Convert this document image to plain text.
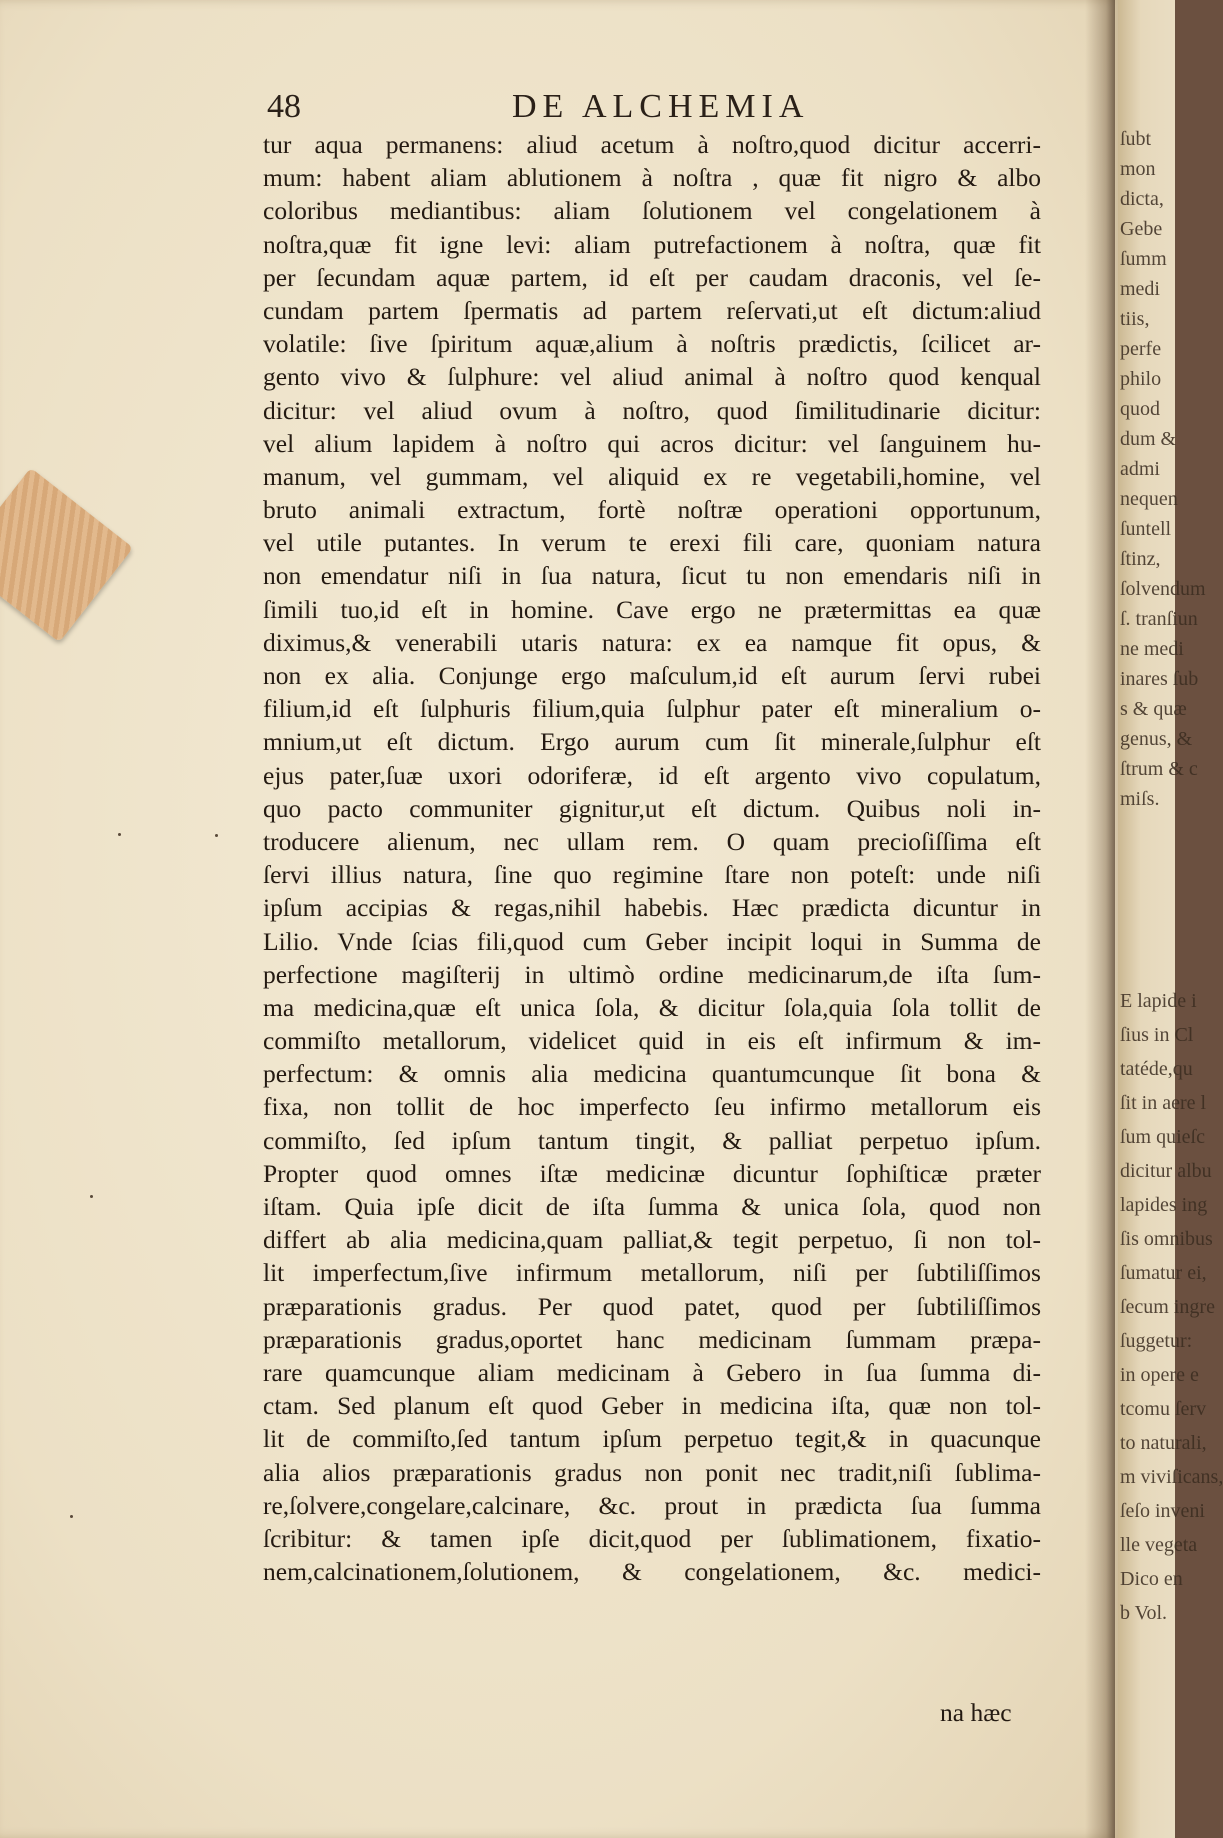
48	DE ALCHEMIA
tur aqua permanens: aliud acetum à noſtro,quod dicitur accerri-
mum: habent aliam ablutionem à noſtra , quæ fit nigro & albo
coloribus mediantibus: aliam ſolutionem vel congelationem à
noſtra,quæ fit igne levi: aliam putrefactionem à noſtra, quæ fit
per ſecundam aquæ partem, id eſt per caudam draconis, vel ſe-
cundam partem ſpermatis ad partem reſervati,ut eſt dictum:aliud
volatile: ſive ſpiritum aquæ,alium à noſtris prædictis, ſcilicet ar-
gento vivo & ſulphure: vel aliud animal à noſtro quod kenqual
dicitur: vel aliud ovum à noſtro, quod ſimilitudinarie dicitur:
vel alium lapidem à noſtro qui acros dicitur: vel ſanguinem hu-
manum, vel gummam, vel aliquid ex re vegetabili,homine, vel
bruto animali extractum, fortè noſtræ operationi opportunum,
vel utile putantes. In verum te erexi fili care, quoniam natura
non emendatur niſi in ſua natura, ſicut tu non emendaris niſi in
ſimili tuo,id eſt in homine. Cave ergo ne prætermittas ea quæ
diximus,& venerabili utaris natura: ex ea namque fit opus, &
non ex alia. Conjunge ergo maſculum,id eſt aurum ſervi rubei
filium,id eſt ſulphuris filium,quia ſulphur pater eſt mineralium o-
mnium,ut eſt dictum. Ergo aurum cum ſit minerale,ſulphur eſt
ejus pater,ſuæ uxori odoriferæ, id eſt argento vivo copulatum,
quo pacto communiter gignitur,ut eſt dictum. Quibus noli in-
troducere alienum, nec ullam rem. O quam precioſiſſima eſt
ſervi illius natura, ſine quo regimine ſtare non poteſt: unde niſi
ipſum accipias & regas,nihil habebis. Hæc prædicta dicuntur in
Lilio. Vnde ſcias fili,quod cum Geber incipit loqui in Summa de
perfectione magiſterij in ultimò ordine medicinarum,de iſta ſum-
ma medicina,quæ eſt unica ſola, & dicitur ſola,quia ſola tollit de
commiſto metallorum, videlicet quid in eis eſt infirmum & im-
perfectum: & omnis alia medicina quantumcunque ſit bona &
fixa, non tollit de hoc imperfecto ſeu infirmo metallorum eis
commiſto, ſed ipſum tantum tingit, & palliat perpetuo ipſum.
Propter quod omnes iſtæ medicinæ dicuntur ſophiſticæ præter
iſtam. Quia ipſe dicit de iſta ſumma & unica ſola, quod non
differt ab alia medicina,quam palliat,& tegit perpetuo, ſi non tol-
lit imperfectum,ſive infirmum metallorum, niſi per ſubtiliſſimos
præparationis gradus. Per quod patet, quod per ſubtiliſſimos
præparationis gradus,oportet hanc medicinam ſummam præpa-
rare quamcunque aliam medicinam à Gebero in ſua ſumma di-
ctam. Sed planum eſt quod Geber in medicina iſta, quæ non tol-
lit de commiſto,ſed tantum ipſum perpetuo tegit,& in quacunque
alia alios præparationis gradus non ponit nec tradit,niſi ſublima-
re,ſolvere,congelare,calcinare, &c. prout in prædicta ſua ſumma
ſcribitur: & tamen ipſe dicit,quod per ſublimationem, fixatio-
nem,calcinationem,ſolutionem, & congelationem, &c. medici-
na hæc
ſubt
mon
dicta,
Gebe
ſumm
medi
tiis,
perfe
philo
quod
dum &
admi
nequen
ſuntell
ſtinz,
ſolvendum
ſ. tranſiun
ne medi
inares ſub
s & quæ
genus, &
ſtrum & c
miſs.
E lapide i
ſius in Cl
tatéde,qu
ſit in aere l
ſum quieſc
dicitur albu
lapides ing
ſis omnibus
ſumatur ei,
ſecum ingre
ſuggetur:
in opere e
tcomu ſerv
to naturali,
m viviſicans,
ſeſo inveni
lle vegeta
Dico en
b Vol.
